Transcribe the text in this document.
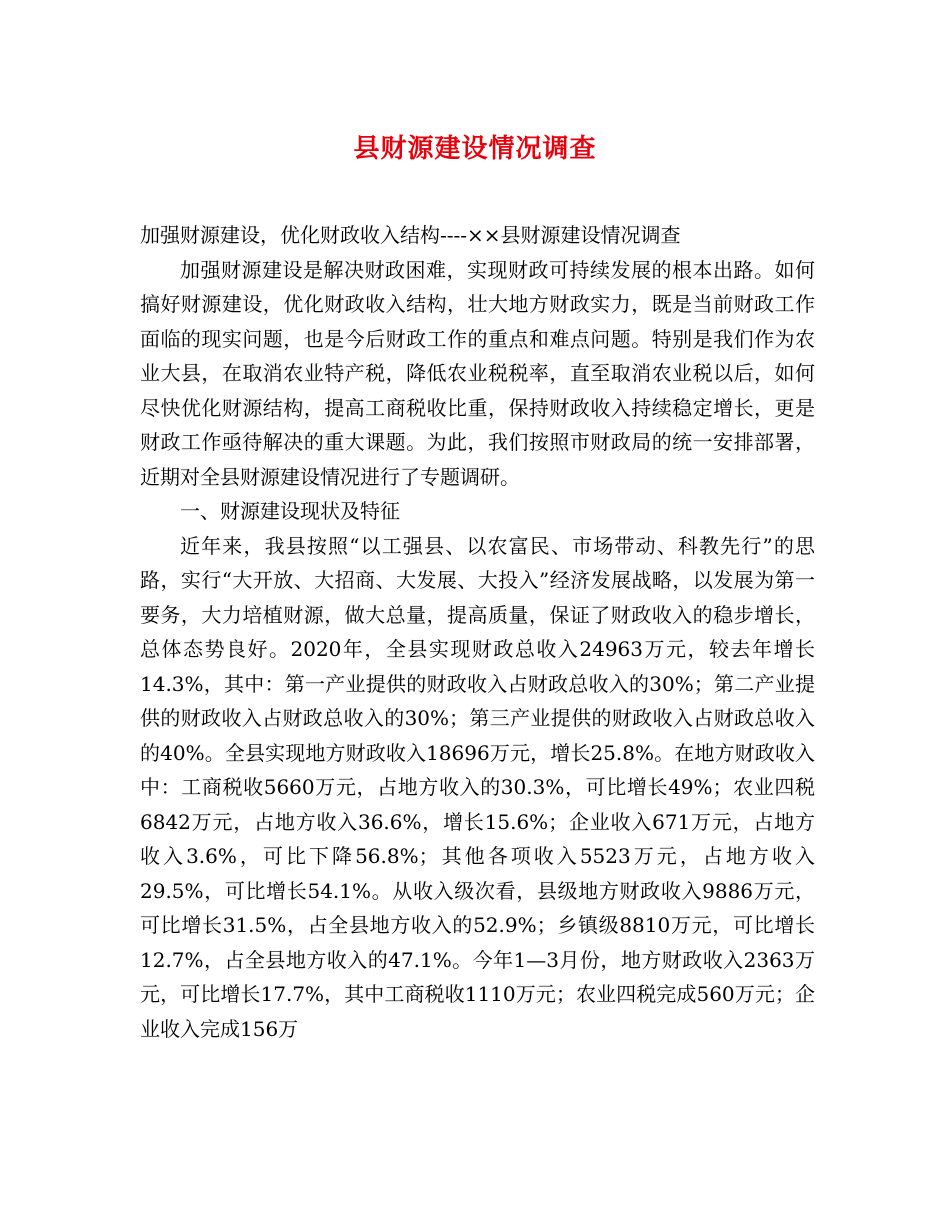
县财源建设情况调查

加强财源建设，优化财政收入结构----××县财源建设情况调查

加强财源建设是解决财政困难，实现财政可持续发展的根本出路。如何搞好财源建设，优化财政收入结构，壮大地方财政实力，既是当前财政工作面临的现实问题，也是今后财政工作的重点和难点问题。特别是我们作为农业大县，在取消农业特产税，降低农业税税率，直至取消农业税以后，如何尽快优化财源结构，提高工商税收比重，保持财政收入持续稳定增长，更是财政工作亟待解决的重大课题。为此，我们按照市财政局的统一安排部署，近期对全县财源建设情况进行了专题调研。

一、财源建设现状及特征

近年来，我县按照“以工强县、以农富民、市场带动、科教先行”的思路，实行“大开放、大招商、大发展、大投入”经济发展战略，以发展为第一要务，大力培植财源，做大总量，提高质量，保证了财政收入的稳步增长，总体态势良好。2020年，全县实现财政总收入24963万元，较去年增长14.3%，其中：第一产业提供的财政收入占财政总收入的30%；第二产业提供的财政收入占财政总收入的30%；第三产业提供的财政收入占财政总收入的40%。全县实现地方财政收入18696万元，增长25.8%。在地方财政收入中：工商税收5660万元，占地方收入的30.3%，可比增长49%；农业四税6842万元，占地方收入36.6%，增长15.6%；企业收入671万元，占地方收入3.6%，可比下降56.8%；其他各项收入5523万元，占地方收入29.5%，可比增长54.1%。从收入级次看，县级地方财政收入9886万元，可比增长31.5%，占全县地方收入的52.9%；乡镇级8810万元，可比增长12.7%，占全县地方收入的47.1%。今年1—3月份，地方财政收入2363万元，可比增长17.7%，其中工商税收1110万元；农业四税完成560万元；企业收入完成156万
